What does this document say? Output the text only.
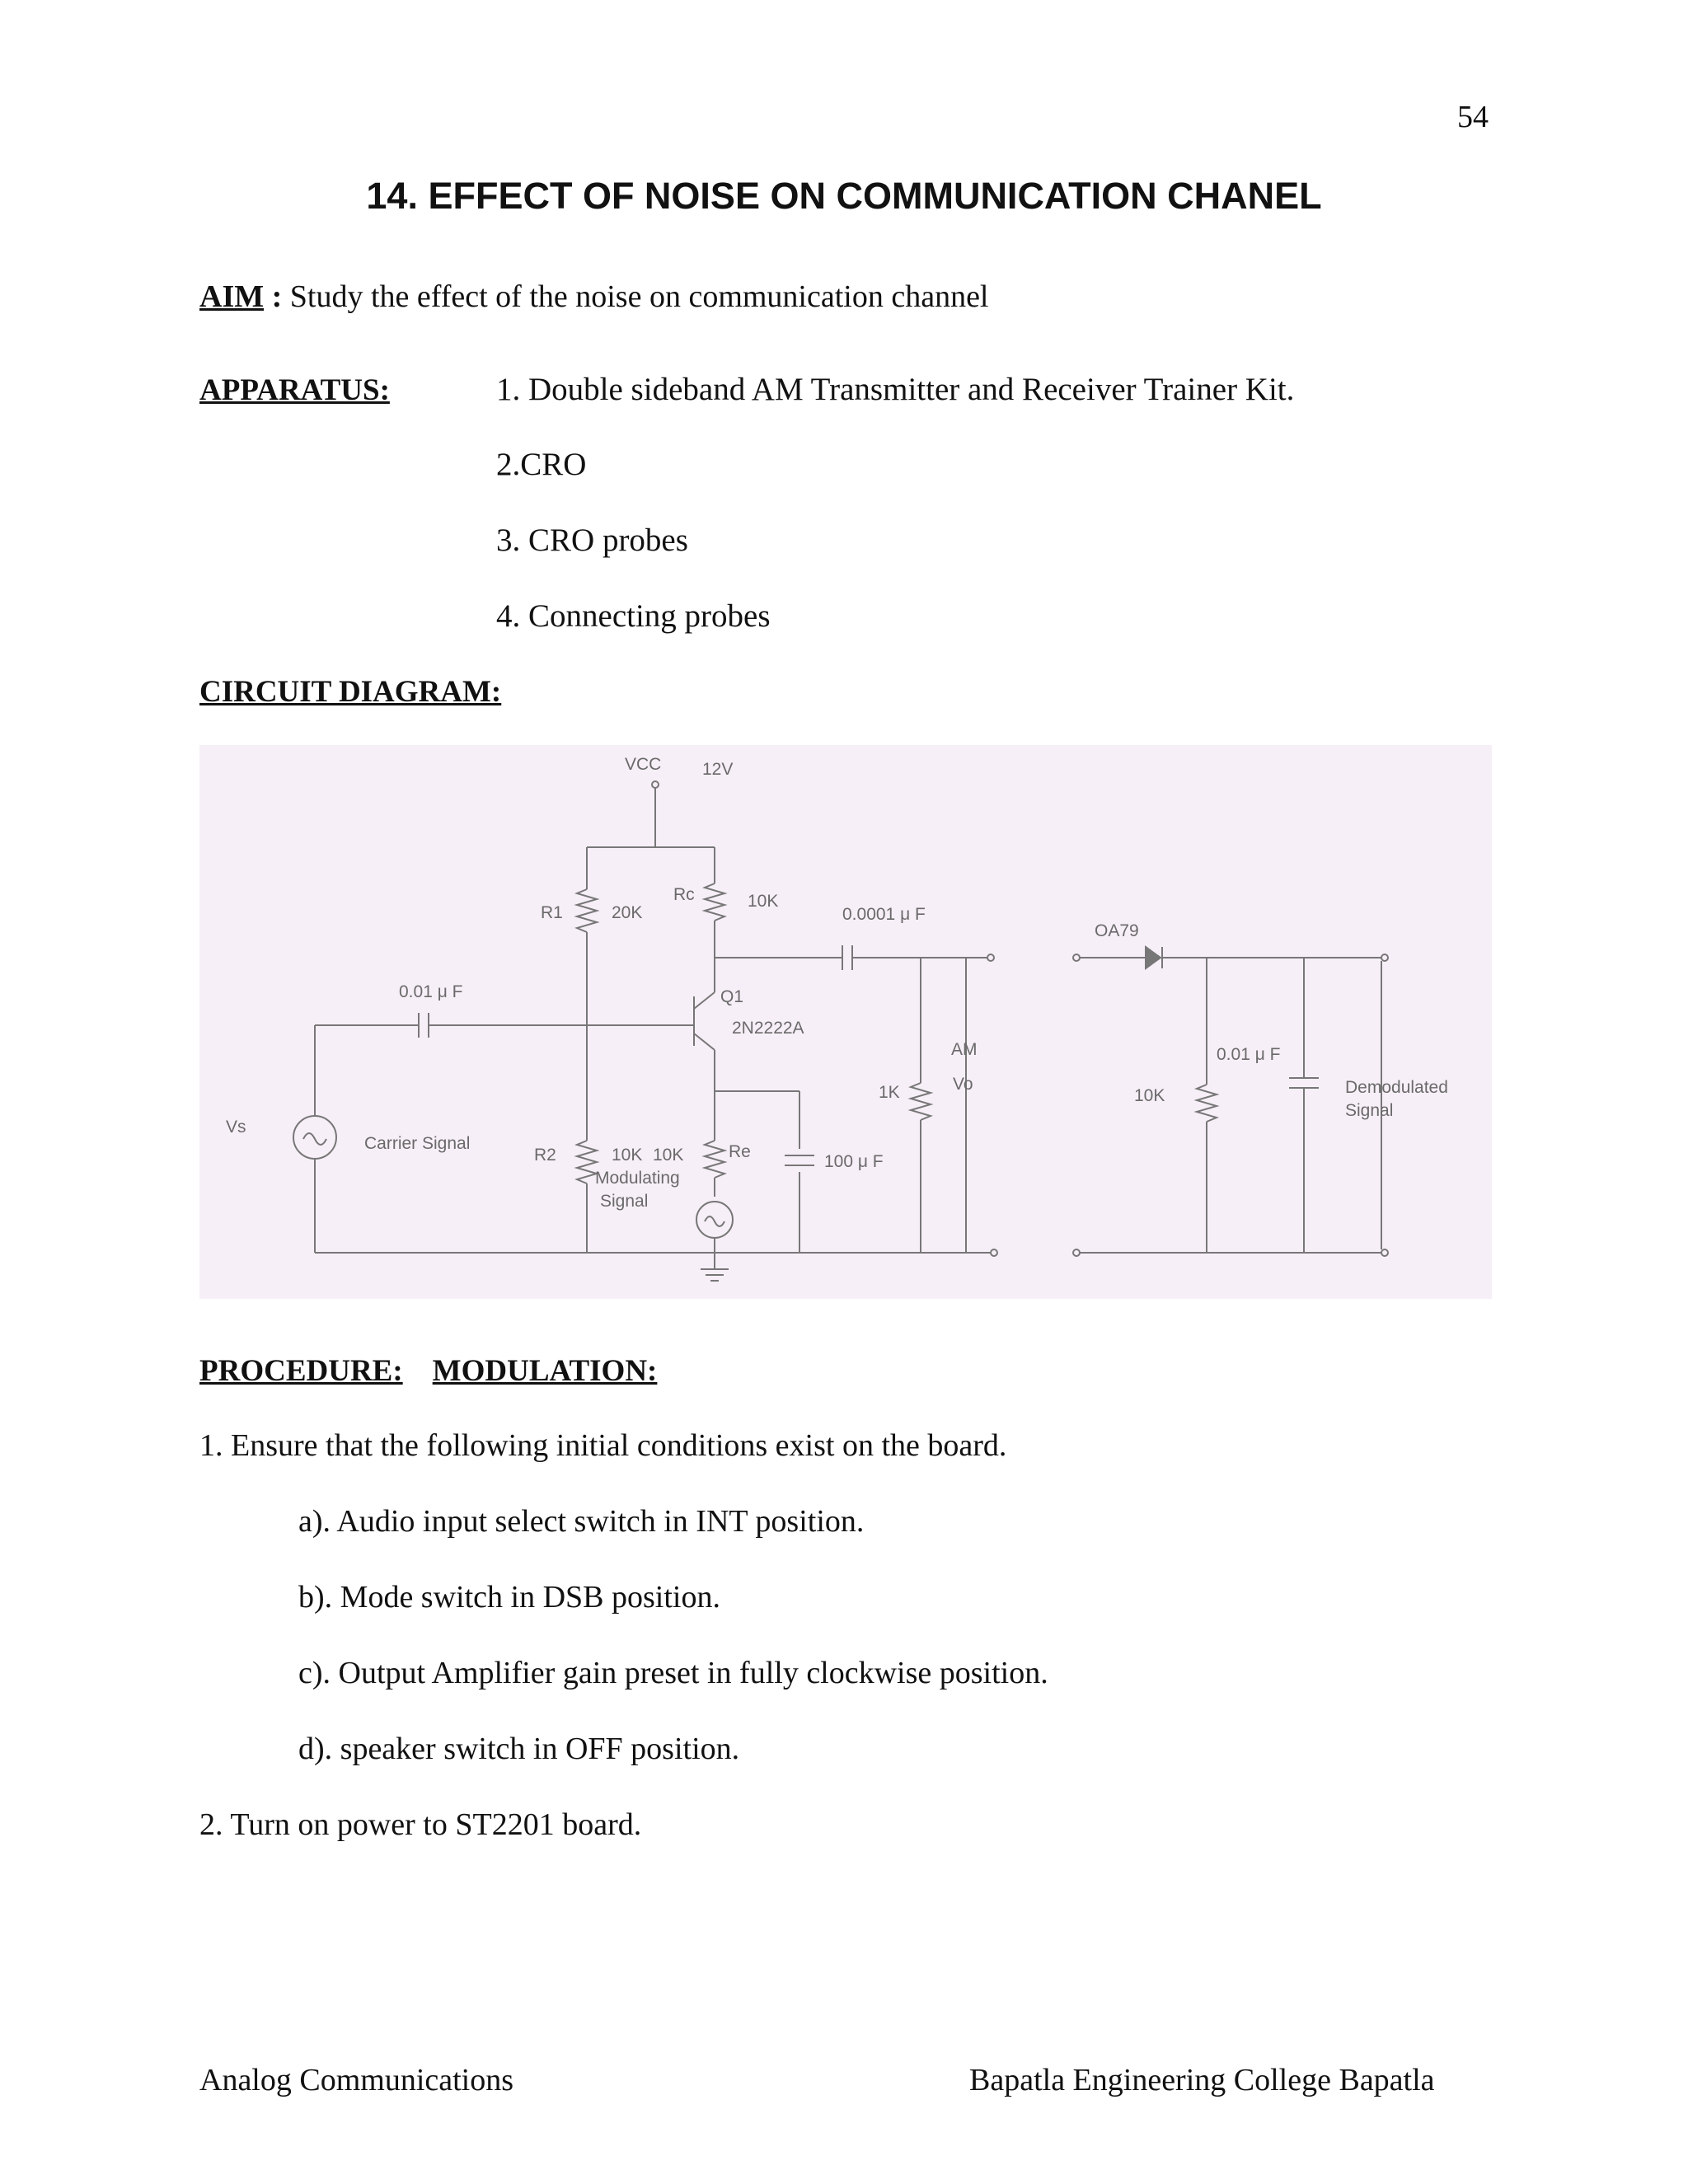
54
14. EFFECT OF NOISE ON COMMUNICATION CHANEL
AIM : Study the effect of the noise on communication channel
APPARATUS:	1. Double sideband AM Transmitter and Receiver Trainer Kit.
2.CRO
3. CRO probes
4. Connecting probes
CIRCUIT DIAGRAM:
VCC 12V
R1	20K
Rc	10K
0.0001 μ F
0.01 μ F	Q1
2N2222A
AM
Vo
1K
Vs
Carrier Signal
R2	10K 10K	Re
Modulating
Signal
100 μ F
OA79
0.01 μ F
10K	Demodulated
Signal
PROCEDURE: MODULATION:
1. Ensure that the following initial conditions exist on the board.
a). Audio input select switch in INT position.
b). Mode switch in DSB position.
c). Output Amplifier gain preset in fully clockwise position.
d). speaker switch in OFF position.
2. Turn on power to ST2201 board.
Analog Communications	Bapatla Engineering College Bapatla
